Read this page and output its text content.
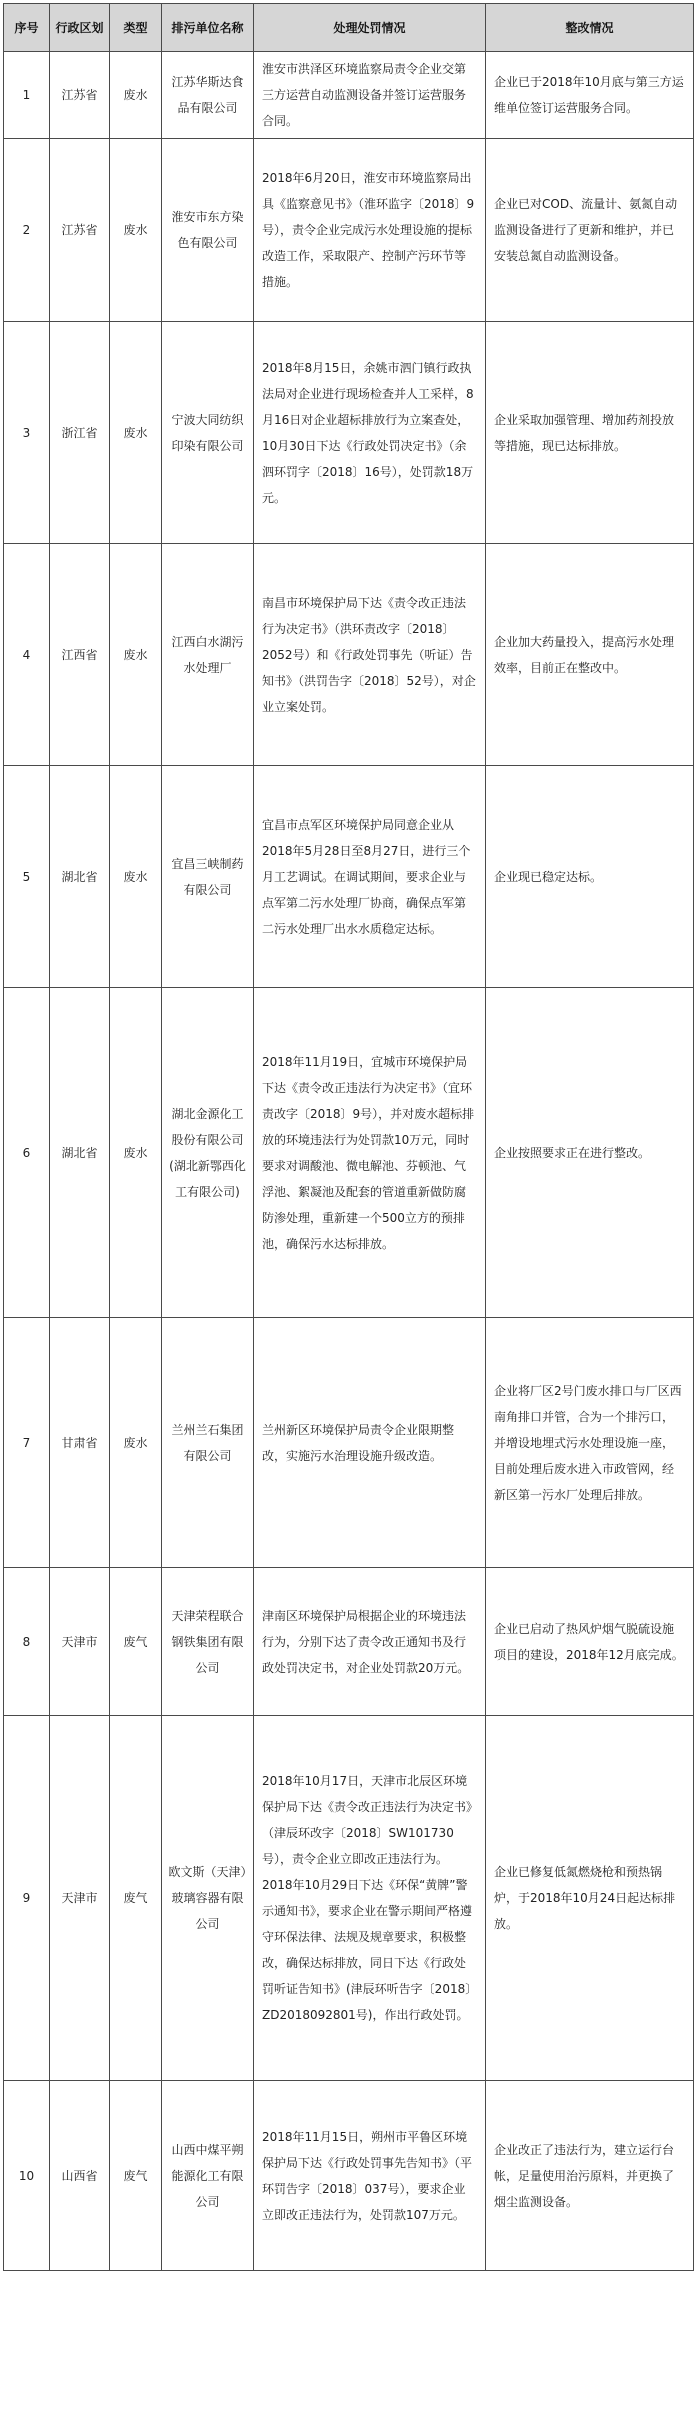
序号	行政区划	类型	排污单位名称	处理处罚情况	整改情况
1	江苏省	废水	江苏华斯达食品有限公司	淮安市洪泽区环境监察局责令企业交第三方运营自动监测设备并签订运营服务合同。	企业已于2018年10月底与第三方运维单位签订运营服务合同。
2	江苏省	废水	淮安市东方染色有限公司	2018年6月20日，淮安市环境监察局出具《监察意见书》（淮环监字〔2018〕9号），责令企业完成污水处理设施的提标改造工作，采取限产、控制产污环节等措施。	企业已对COD、流量计、氨氮自动监测设备进行了更新和维护，并已安装总氮自动监测设备。
3	浙江省	废水	宁波大同纺织印染有限公司	2018年8月15日，余姚市泗门镇行政执法局对企业进行现场检查并人工采样，8月16日对企业超标排放行为立案查处，10月30日下达《行政处罚决定书》（余泗环罚字〔2018〕16号），处罚款18万元。	企业采取加强管理、增加药剂投放等措施，现已达标排放。
4	江西省	废水	江西白水湖污水处理厂	南昌市环境保护局下达《责令改正违法行为决定书》（洪环责改字〔2018〕2052号）和《行政处罚事先（听证）告知书》（洪罚告字〔2018〕52号），对企业立案处罚。	企业加大药量投入，提高污水处理效率，目前正在整改中。
5	湖北省	废水	宜昌三峡制药有限公司	宜昌市点军区环境保护局同意企业从2018年5月28日至8月27日，进行三个月工艺调试。在调试期间，要求企业与点军第二污水处理厂协商，确保点军第二污水处理厂出水水质稳定达标。	企业现已稳定达标。
6	湖北省	废水	湖北金源化工股份有限公司(湖北新鄂西化工有限公司)	2018年11月19日，宜城市环境保护局下达《责令改正违法行为决定书》（宜环责改字〔2018〕9号），并对废水超标排放的环境违法行为处罚款10万元，同时要求对调酸池、微电解池、芬顿池、气浮池、絮凝池及配套的管道重新做防腐防渗处理，重新建一个500立方的预排池，确保污水达标排放。	企业按照要求正在进行整改。
7	甘肃省	废水	兰州兰石集团有限公司	兰州新区环境保护局责令企业限期整改，实施污水治理设施升级改造。	企业将厂区2号门废水排口与厂区西南角排口并管，合为一个排污口，并增设地埋式污水处理设施一座，目前处理后废水进入市政管网，经新区第一污水厂处理后排放。
8	天津市	废气	天津荣程联合钢铁集团有限公司	津南区环境保护局根据企业的环境违法行为，分别下达了责令改正通知书及行政处罚决定书，对企业处罚款20万元。	企业已启动了热风炉烟气脱硫设施项目的建设，2018年12月底完成。
9	天津市	废气	欧文斯（天津）玻璃容器有限公司	2018年10月17日，天津市北辰区环境保护局下达《责令改正违法行为决定书》（津辰环改字〔2018〕SW101730号），责令企业立即改正违法行为。2018年10月29日下达《环保“黄牌”警示通知书》，要求企业在警示期间严格遵守环保法律、法规及规章要求，积极整改，确保达标排放，同日下达《行政处罚听证告知书》(津辰环听告字〔2018〕ZD2018092801号)，作出行政处罚。	企业已修复低氮燃烧枪和预热锅炉，于2018年10月24日起达标排放。
10	山西省	废气	山西中煤平朔能源化工有限公司	2018年11月15日，朔州市平鲁区环境保护局下达《行政处罚事先告知书》（平环罚告字〔2018〕037号），要求企业立即改正违法行为，处罚款107万元。	企业改正了违法行为，建立运行台帐，足量使用治污原料，并更换了烟尘监测设备。
